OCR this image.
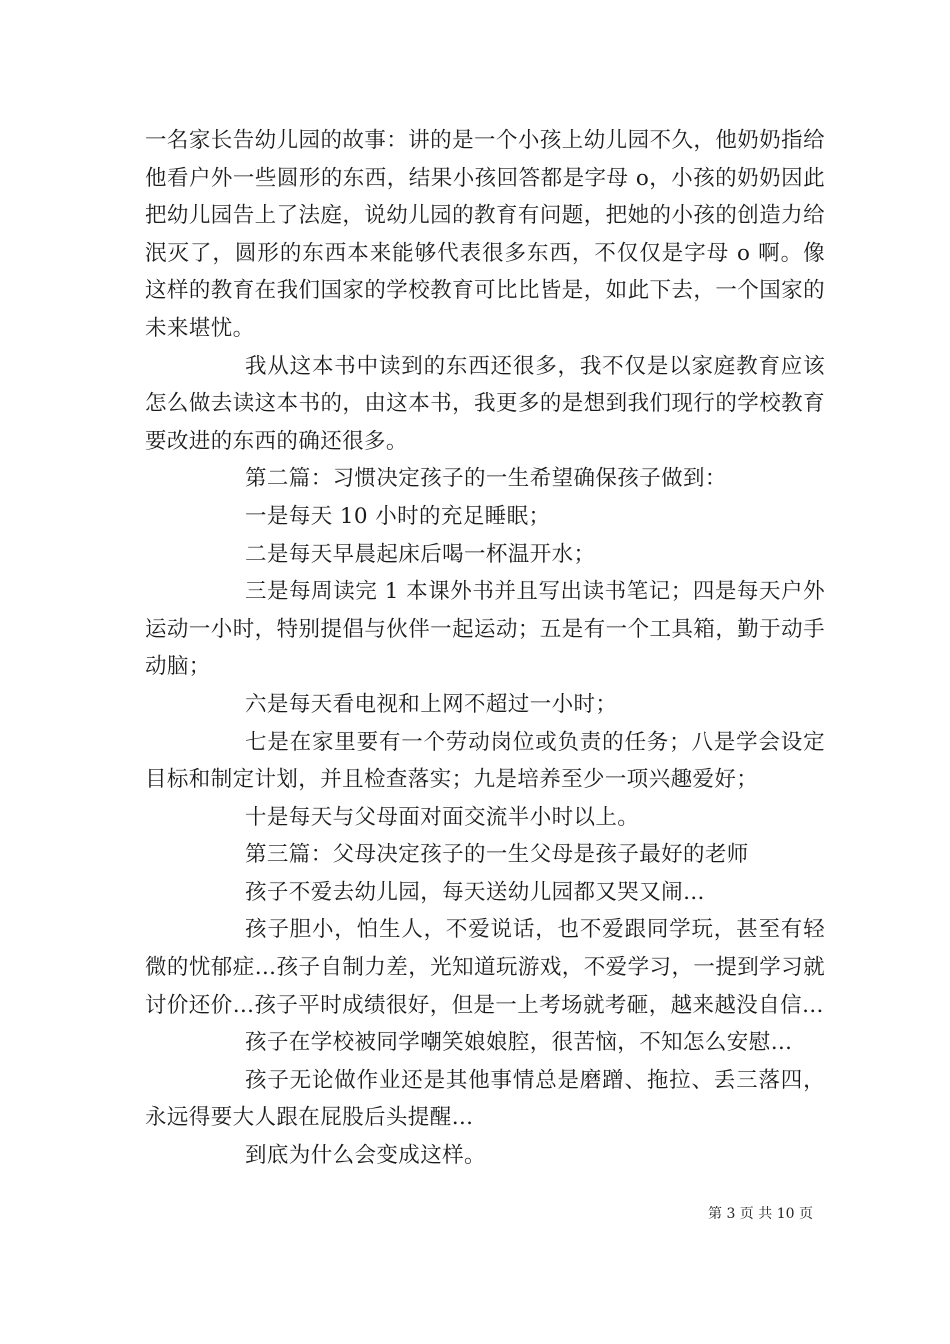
一名家长告幼儿园的故事：讲的是一个小孩上幼儿园不久，他奶奶指给他看户外一些圆形的东西，结果小孩回答都是字母 o，小孩的奶奶因此把幼儿园告上了法庭，说幼儿园的教育有问题，把她的小孩的创造力给泯灭了，圆形的东西本来能够代表很多东西，不仅仅是字母 o 啊。像这样的教育在我们国家的学校教育可比比皆是，如此下去，一个国家的未来堪忧。

我从这本书中读到的东西还很多，我不仅是以家庭教育应该怎么做去读这本书的，由这本书，我更多的是想到我们现行的学校教育要改进的东西的确还很多。

第二篇：习惯决定孩子的一生希望确保孩子做到：

一是每天 10 小时的充足睡眠；

二是每天早晨起床后喝一杯温开水；

三是每周读完 1 本课外书并且写出读书笔记；四是每天户外运动一小时，特别提倡与伙伴一起运动；五是有一个工具箱，勤于动手动脑；

六是每天看电视和上网不超过一小时；

七是在家里要有一个劳动岗位或负责的任务；八是学会设定目标和制定计划，并且检查落实；九是培养至少一项兴趣爱好；

十是每天与父母面对面交流半小时以上。

第三篇：父母决定孩子的一生父母是孩子最好的老师

孩子不爱去幼儿园，每天送幼儿园都又哭又闹…

孩子胆小，怕生人，不爱说话，也不爱跟同学玩，甚至有轻微的忧郁症…孩子自制力差，光知道玩游戏，不爱学习，一提到学习就讨价还价…孩子平时成绩很好，但是一上考场就考砸，越来越没自信…

孩子在学校被同学嘲笑娘娘腔，很苦恼，不知怎么安慰…

孩子无论做作业还是其他事情总是磨蹭、拖拉、丢三落四，永远得要大人跟在屁股后头提醒…

到底为什么会变成这样。

第 3 页 共 10 页
